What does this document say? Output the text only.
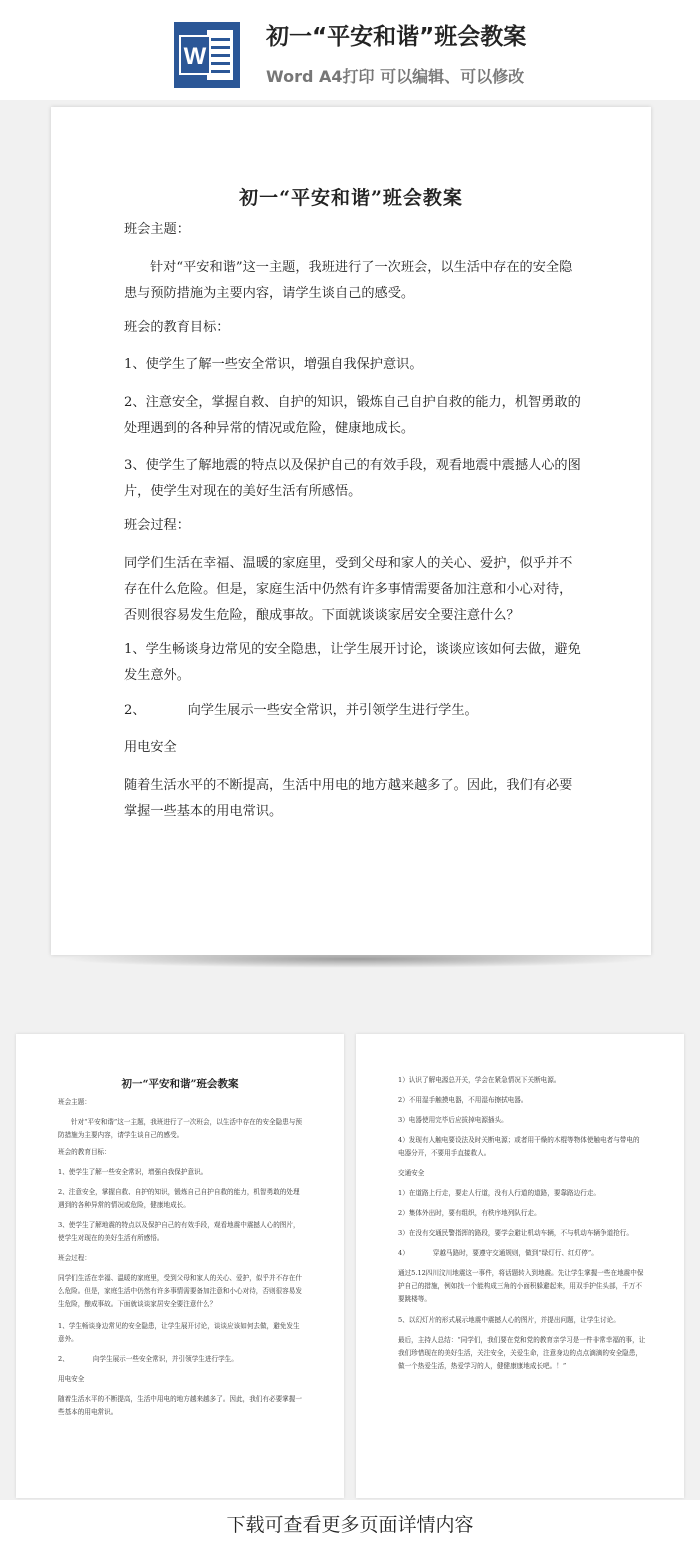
W
初一“平安和谐”班会教案
Word A4打印 可以编辑、可以修改
初一“平安和谐”班会教案
班会主题：
针对“平安和谐”这一主题，我班进行了一次班会，以生活中存在的安全隐患与预防措施为主要内容，请学生谈自己的感受。
班会的教育目标：
1、使学生了解一些安全常识，增强自我保护意识。
2、注意安全，掌握自救、自护的知识，锻炼自己自护自救的能力，机智勇敢的处理遇到的各种异常的情况或危险，健康地成长。
3、使学生了解地震的特点以及保护自己的有效手段，观看地震中震撼人心的图片，使学生对现在的美好生活有所感悟。
班会过程：
同学们生活在幸福、温暖的家庭里，受到父母和家人的关心、爱护，似乎并不存在什么危险。但是，家庭生活中仍然有许多事情需要备加注意和小心对待，否则很容易发生危险，酿成事故。下面就谈谈家居安全要注意什么？
1、学生畅谈身边常见的安全隐患，让学生展开讨论，谈谈应该如何去做，避免发生意外。
2、	向学生展示一些安全常识，并引领学生进行学生。
用电安全
随着生活水平的不断提高，生活中用电的地方越来越多了。因此，我们有必要掌握一些基本的用电常识。
初一“平安和谐”班会教案
班会主题：
针对“平安和谐”这一主题，我班进行了一次班会，以生活中存在的安全隐患与预防措施为主要内容，请学生谈自己的感受。
班会的教育目标：
1、使学生了解一些安全常识，增强自我保护意识。
2、注意安全，掌握自救、自护的知识，锻炼自己自护自救的能力，机智勇敢的处理遇到的各种异常的情况或危险，健康地成长。
3、使学生了解地震的特点以及保护自己的有效手段，观看地震中震撼人心的图片，使学生对现在的美好生活有所感悟。
班会过程：
同学们生活在幸福、温暖的家庭里，受到父母和家人的关心、爱护，似乎并不存在什么危险。但是，家庭生活中仍然有许多事情需要备加注意和小心对待，否则很容易发生危险，酿成事故。下面就谈谈家居安全要注意什么？
1、学生畅谈身边常见的安全隐患，让学生展开讨论，谈谈应该如何去做，避免发生意外。
2、	向学生展示一些安全常识，并引领学生进行学生。
用电安全
随着生活水平的不断提高，生活中用电的地方越来越多了。因此，我们有必要掌握一些基本的用电常识。
1）认识了解电源总开关，学会在紧急情况下关断电源。
2）不用湿手触摸电器，不用湿布擦拭电器。
3）电器使用完毕后应拔掉电源插头。
4）发现有人触电要设法及时关断电源；或者用干燥的木棍等物体使触电者与带电的电器分开，不要用手直接救人。
交通安全
1）在道路上行走，要走人行道，没有人行道的道路，要靠路边行走。
2）集体外出时，要有组织，有秩序地列队行走。
3）在没有交通民警指挥的路段，要学会避让机动车辆，不与机动车辆争道抢行。
4）	穿越马路时，要遵守交通规则，做到“绿灯行、红灯停”。
通过5.12四川汶川地震这一事件，将话题转入到地震。先让学生掌握一些在地震中保护自己的措施，例如找一个能构成三角的小面积躲避起来，用双手护住头部，千万不要跳楼等。
5、以幻灯片的形式展示地震中震撼人心的图片，并提出问题，让学生讨论。
最后，主持人总结：“同学们，我们要在党和党的教育亲学习是一件非常幸福的事，让我们珍惜现在的美好生活，关注安全，关爱生命，注意身边的点点滴滴的安全隐患，做一个热爱生活，热爱学习的人，健健康康地成长吧。！”
下载可查看更多页面详情内容
